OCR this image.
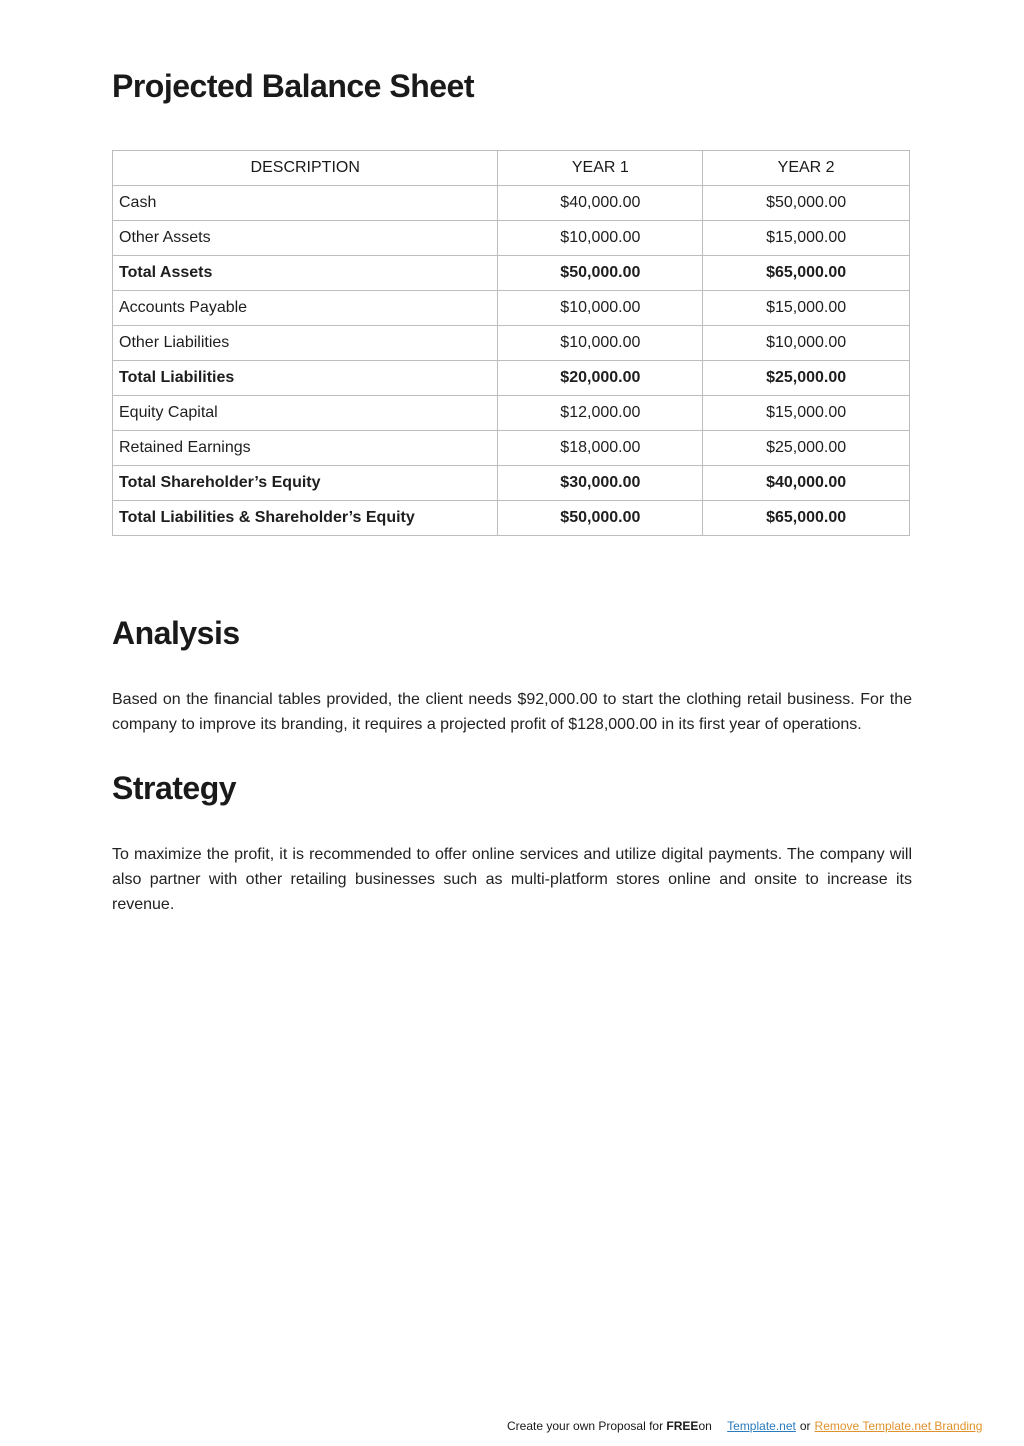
Projected Balance Sheet
DESCRIPTION	YEAR 1	YEAR 2
Cash	$40,000.00	$50,000.00
Other Assets	$10,000.00	$15,000.00
Total Assets	$50,000.00	$65,000.00
Accounts Payable	$10,000.00	$15,000.00
Other Liabilities	$10,000.00	$10,000.00
Total Liabilities	$20,000.00	$25,000.00
Equity Capital	$12,000.00	$15,000.00
Retained Earnings	$18,000.00	$25,000.00
Total Shareholder’s Equity	$30,000.00	$40,000.00
Total Liabilities & Shareholder’s Equity	$50,000.00	$65,000.00
Analysis

Based on the financial tables provided, the client needs $92,000.00 to start the clothing retail business. For the company to improve its branding, it requires a projected profit of $128,000.00 in its first year of operations.

Strategy

To maximize the profit, it is recommended to offer online services and utilize digital payments. The company will also partner with other retailing businesses such as multi-platform stores online and onsite to increase its revenue.

Create your own Proposal for FREEon Template.net or Remove Template.net Branding
